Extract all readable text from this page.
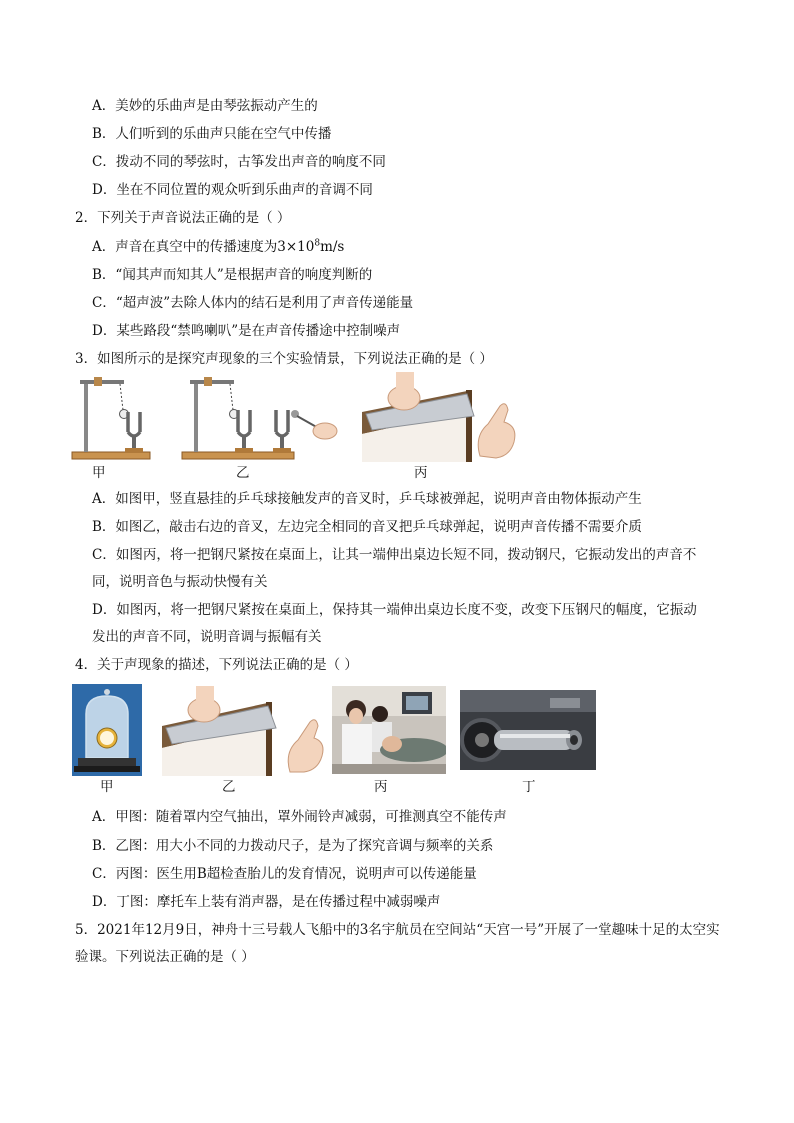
A．美妙的乐曲声是由琴弦振动产生的
B．人们听到的乐曲声只能在空气中传播
C．拨动不同的琴弦时，古筝发出声音的响度不同
D．坐在不同位置的观众听到乐曲声的音调不同
2．下列关于声音说法正确的是（ ）
A．声音在真空中的传播速度为$3\times 10^8m/s$
B．“闻其声而知其人”是根据声音的响度判断的
C．“超声波”去除人体内的结石是利用了声音传递能量
D．某些路段“禁鸣喇叭”是在声音传播途中控制噪声
3．如图所示的是探究声现象的三个实验情景，下列说法正确的是（ ）
甲	乙	丙
A．如图甲，竖直悬挂的乒乓球接触发声的音叉时，乒乓球被弹起，说明声音由物体振动产生
B．如图乙，敲击右边的音叉，左边完全相同的音叉把乒乓球弹起，说明声音传播不需要介质
C．如图丙，将一把钢尺紧按在桌面上，让其一端伸出桌边长短不同，拨动钢尺，它振动发出的声音不
同，说明音色与振动快慢有关
D．如图丙，将一把钢尺紧按在桌面上，保持其一端伸出桌边长度不变，改变下压钢尺的幅度，它振动
发出的声音不同，说明音调与振幅有关
4．关于声现象的描述，下列说法正确的是（ ）
甲	乙	丙	丁
A．甲图：随着罩内空气抽出，罩外闹铃声减弱，可推测真空不能传声
B．乙图：用大小不同的力拨动尺子，是为了探究音调与频率的关系
C．丙图：医生用B超检查胎儿的发育情况，说明声可以传递能量
D．丁图：摩托车上装有消声器，是在传播过程中减弱噪声
5．2021年12月9日，神舟十三号载人飞船中的3名宇航员在空间站“天宫一号”开展了一堂趣味十足的太空实
验课。下列说法正确的是（ ）
